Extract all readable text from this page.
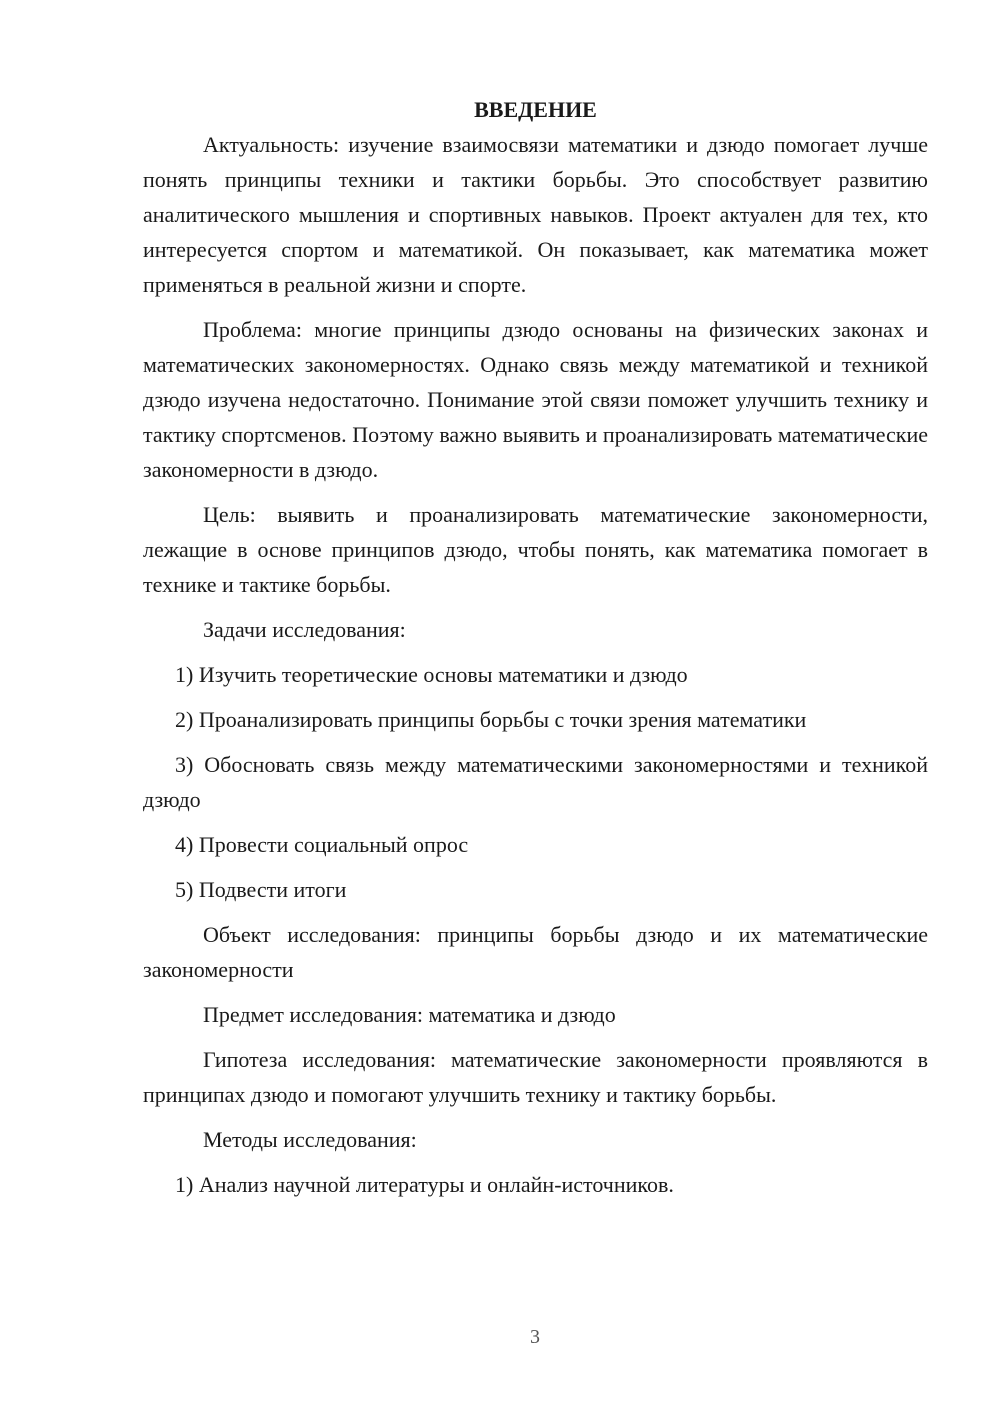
ВВЕДЕНИЕ

Актуальность: изучение взаимосвязи математики и дзюдо помогает лучше понять принципы техники и тактики борьбы. Это способствует развитию аналитического мышления и спортивных навыков. Проект актуален для тех, кто интересуется спортом и математикой. Он показывает, как математика может применяться в реальной жизни и спорте.

Проблема: многие принципы дзюдо основаны на физических законах и математических закономерностях. Однако связь между математикой и техникой дзюдо изучена недостаточно. Понимание этой связи поможет улучшить технику и тактику спортсменов. Поэтому важно выявить и проанализировать математические закономерности в дзюдо.

Цель: выявить и проанализировать математические закономерности, лежащие в основе принципов дзюдо, чтобы понять, как математика помогает в технике и тактике борьбы.

Задачи исследования:

1) Изучить теоретические основы математики и дзюдо

2) Проанализировать принципы борьбы с точки зрения математики

3) Обосновать связь между математическими закономерностями и техникой дзюдо

4) Провести социальный опрос

5) Подвести итоги

Объект исследования: принципы борьбы дзюдо и их математические закономерности

Предмет исследования: математика и дзюдо

Гипотеза исследования: математические закономерности проявляются в принципах дзюдо и помогают улучшить технику и тактику борьбы.

Методы исследования:

1) Анализ научной литературы и онлайн-источников.

3
